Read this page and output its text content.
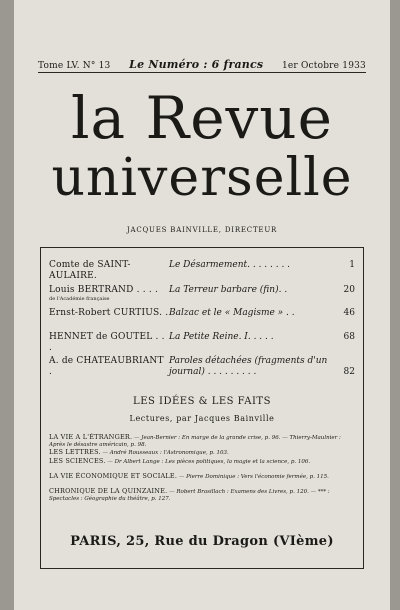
Tome LV. N° 13 Le Numéro : 6 francs 1er Octobre 1933
la Revue
universelle
JACQUES BAINVILLE, DIRECTEUR
Comte de SAINT-AULAIRE.
Le Désarmement. . . . . . . .	1
Louis BERTRAND . . . .
de l'Académie française
La Terreur barbare (fin). .	20
Ernst-Robert CURTIUS. . Balzac et le « Magisme » . .	46
HENNET de GOUTEL . . .
La Petite Reine. I. . . . .	68
A. de CHATEAUBRIANT .
Paroles détachées (fragments d'un journal) . . . . . . . . .	82
LES IDÉES & LES FAITS
Lectures, par Jacques Bainville
LA VIE A L'ÉTRANGER. — Jean-Bernier : En marge de la grande crise, p. 96. — Thierry-Maulnier : Après le désastre américain, p. 98.
LES LETTRES. — André Rousseaux : l'Astronomique, p. 103.
LES SCIENCES. — Dr Albert Lange : Les pièces politiques, la magie et la science, p. 106.
LA VIE ÉCONOMIQUE ET SOCIALE. — Pierre Dominique : Vers l'économie fermée, p. 115.
CHRONIQUE DE LA QUINZAINE. — Robert Brasillach : Examens des Livres, p. 120. — *** : Spectacles : Géographie du théâtre, p. 127.
PARIS, 25, Rue du Dragon (VIème)
